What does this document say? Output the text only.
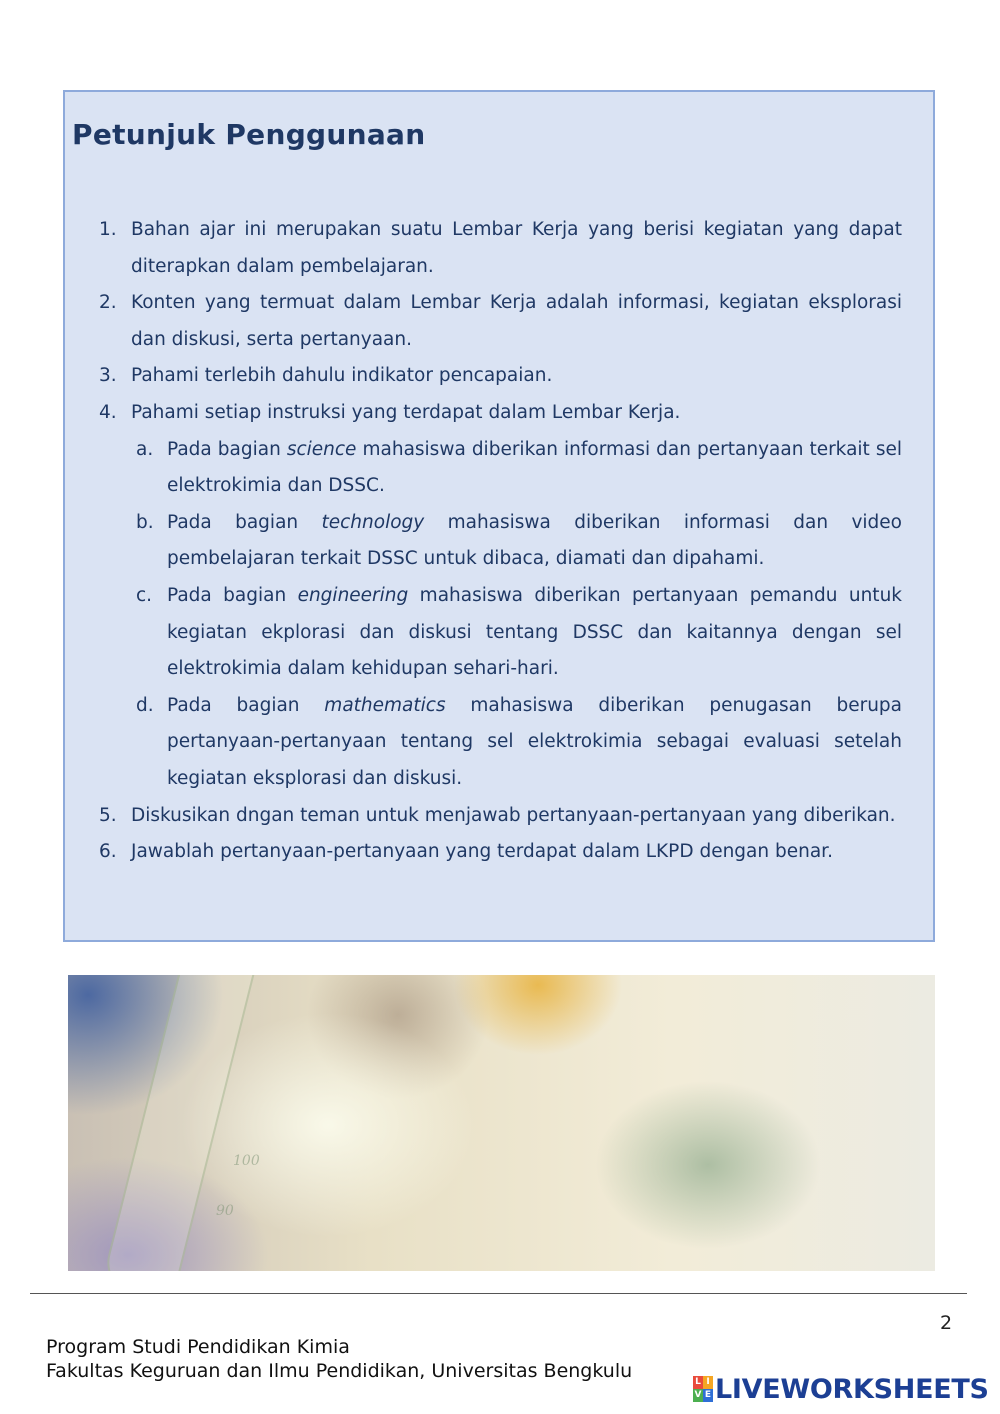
Petunjuk Penggunaan
1. Bahan ajar ini merupakan suatu Lembar Kerja yang berisi kegiatan yang dapat diterapkan dalam pembelajaran.
2. Konten yang termuat dalam Lembar Kerja adalah informasi, kegiatan eksplorasi dan diskusi, serta pertanyaan.
3. Pahami terlebih dahulu indikator pencapaian.
4. Pahami setiap instruksi yang terdapat dalam Lembar Kerja.
a. Pada bagian science mahasiswa diberikan informasi dan pertanyaan terkait sel elektrokimia dan DSSC.
b. Pada bagian technology mahasiswa diberikan informasi dan video pembelajaran terkait DSSC untuk dibaca, diamati dan dipahami.
c. Pada bagian engineering mahasiswa diberikan pertanyaan pemandu untuk kegiatan ekplorasi dan diskusi tentang DSSC dan kaitannya dengan sel elektrokimia dalam kehidupan sehari-hari.
d. Pada bagian mathematics mahasiswa diberikan penugasan berupa pertanyaan-pertanyaan tentang sel elektrokimia sebagai evaluasi setelah kegiatan eksplorasi dan diskusi.
5. Diskusikan dngan teman untuk menjawab pertanyaan-pertanyaan yang diberikan.
6. Jawablah pertanyaan-pertanyaan yang terdapat dalam LKPD dengan benar.
100
90
2
Program Studi Pendidikan Kimia
Fakultas Keguruan dan Ilmu Pendidikan, Universitas Bengkulu	L I
V E LIVEWORKSHEETS
